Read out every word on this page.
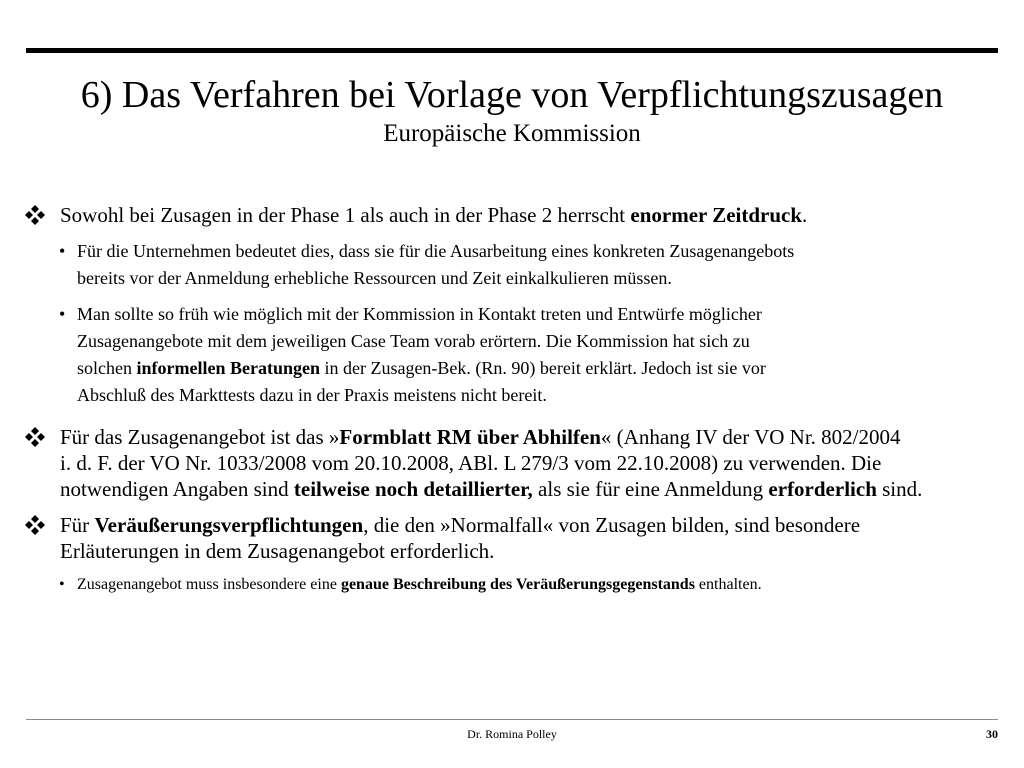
6) Das Verfahren bei Vorlage von Verpflichtungszusagen
Europäische Kommission
Sowohl bei Zusagen in der Phase 1 als auch in der Phase 2 herrscht enormer Zeitdruck.
• Für die Unternehmen bedeutet dies, dass sie für die Ausarbeitung eines konkreten Zusagenangebots
bereits vor der Anmeldung erhebliche Ressourcen und Zeit einkalkulieren müssen.
• Man sollte so früh wie möglich mit der Kommission in Kontakt treten und Entwürfe möglicher
Zusagenangebote mit dem jeweiligen Case Team vorab erörtern. Die Kommission hat sich zu
solchen informellen Beratungen in der Zusagen-Bek. (Rn. 90) bereit erklärt. Jedoch ist sie vor
Abschluß des Markttests dazu in der Praxis meistens nicht bereit.
Für das Zusagenangebot ist das »Formblatt RM über Abhilfen« (Anhang IV der VO Nr. 802/2004
i. d. F. der VO Nr. 1033/2008 vom 20.10.2008, ABl. L 279/3 vom 22.10.2008) zu verwenden. Die
notwendigen Angaben sind teilweise noch detaillierter, als sie für eine Anmeldung erforderlich sind.
Für Veräußerungsverpflichtungen, die den »Normalfall« von Zusagen bilden, sind besondere
Erläuterungen in dem Zusagenangebot erforderlich.
• Zusagenangebot muss insbesondere eine genaue Beschreibung des Veräußerungsgegenstands enthalten.
Dr. Romina Polley	30
